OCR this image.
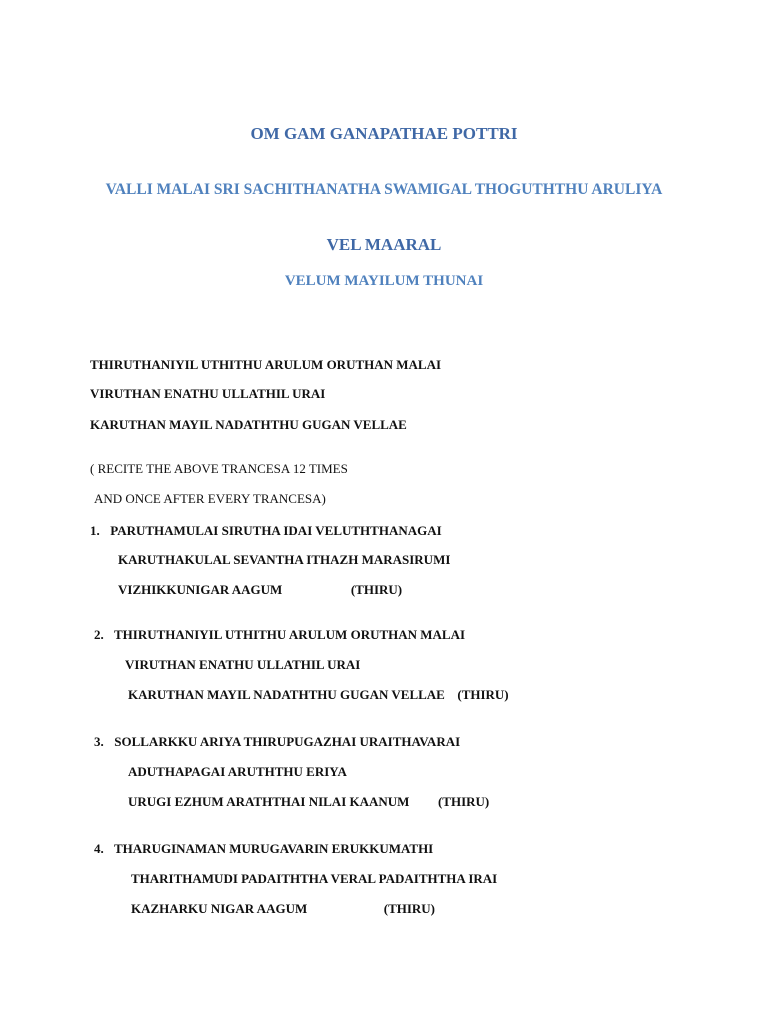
OM GAM GANAPATHAE POTTRI
VALLI MALAI SRI SACHITHANATHA SWAMIGAL THOGUTHTHU ARULIYA
VEL MAARAL
VELUM MAYILUM THUNAI
THIRUTHANIYIL UTHITHU ARULUM ORUTHAN MALAI
VIRUTHAN ENATHU ULLATHIL URAI
KARUTHAN MAYIL NADATHTHU GUGAN VELLAE
( RECITE THE ABOVE TRANCESA 12 TIMES
AND ONCE AFTER EVERY TRANCESA)
1. PARUTHAMULAI SIRUTHA IDAI VELUTHTHANAGAI
KARUTHAKULAL SEVANTHA ITHAZH MARASIRUMI
VIZHIKKUNIGAR AAGUM	(THIRU)
2. THIRUTHANIYIL UTHITHU ARULUM ORUTHAN MALAI
VIRUTHAN ENATHU ULLATHIL URAI
KARUTHAN MAYIL NADATHTHU GUGAN VELLAE (THIRU)
3. SOLLARKKU ARIYA THIRUPUGAZHAI URAITHAVARAI
ADUTHAPAGAI ARUTHTHU ERIYA
URUGI EZHUM ARATHTHAI NILAI KAANUM (THIRU)
4. THARUGINAMAN MURUGAVARIN ERUKKUMATHI
THARITHAMUDI PADAITHTHA VERAL PADAITHTHA IRAI
KAZHARKU NIGAR AAGUM	(THIRU)
